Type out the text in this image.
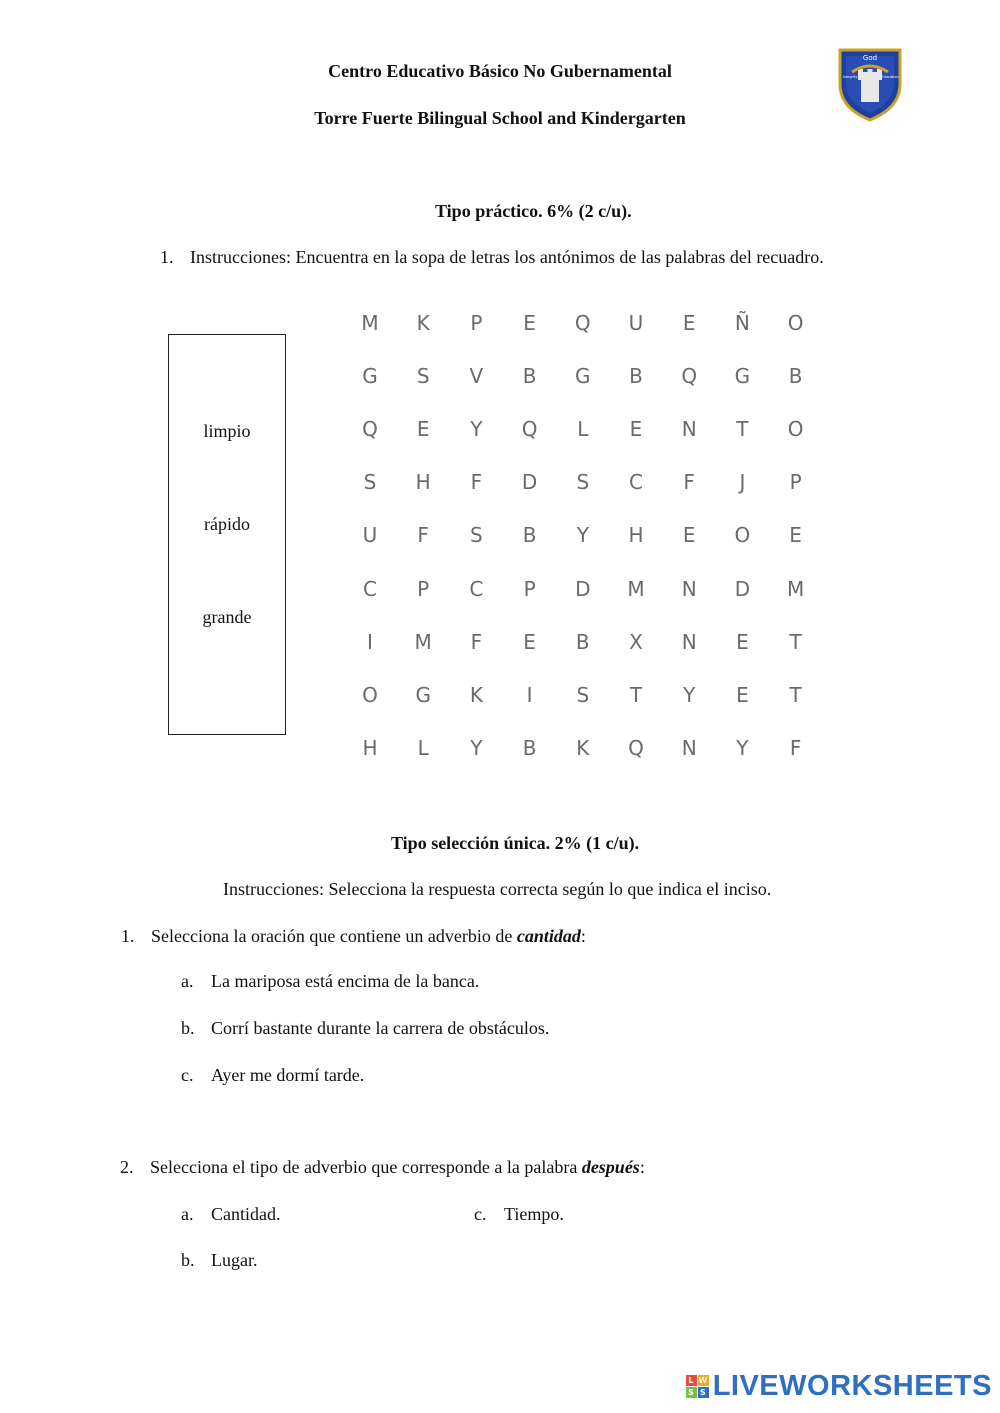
Centro Educativo Básico No Gubernamental
Torre Fuerte Bilingual School and Kindergarten
God
Integrity	Education
Tipo práctico. 6% (2 c/u).
1. Instrucciones: Encuentra en la sopa de letras los antónimos de las palabras del recuadro.
limpio
rápido
grande
M	K	P	E	Q	U	E	Ñ	O
G	S	V	B	G	B	Q	G	B
Q	E	Y	Q	L	E	N	T	O
S	H	F	D	S	C	F	J	P
U	F	S	B	Y	H	E	O	E
C	P	C	P	D	M	N	D	M
I	M	F	E	B	X	N	E	T
O	G	K	I	S	T	Y	E	T
H	L	Y	B	K	Q	N	Y	F
Tipo selección única. 2% (1 c/u).
Instrucciones: Selecciona la respuesta correcta según lo que indica el inciso.
1. Selecciona la oración que contiene un adverbio de cantidad:
a. La mariposa está encima de la banca.
b. Corrí bastante durante la carrera de obstáculos.
c. Ayer me dormí tarde.
2. Selecciona el tipo de adverbio que corresponde a la palabra después:
a. Cantidad.	c. Tiempo.
b. Lugar.
L W
S S LIVEWORKSHEETS
